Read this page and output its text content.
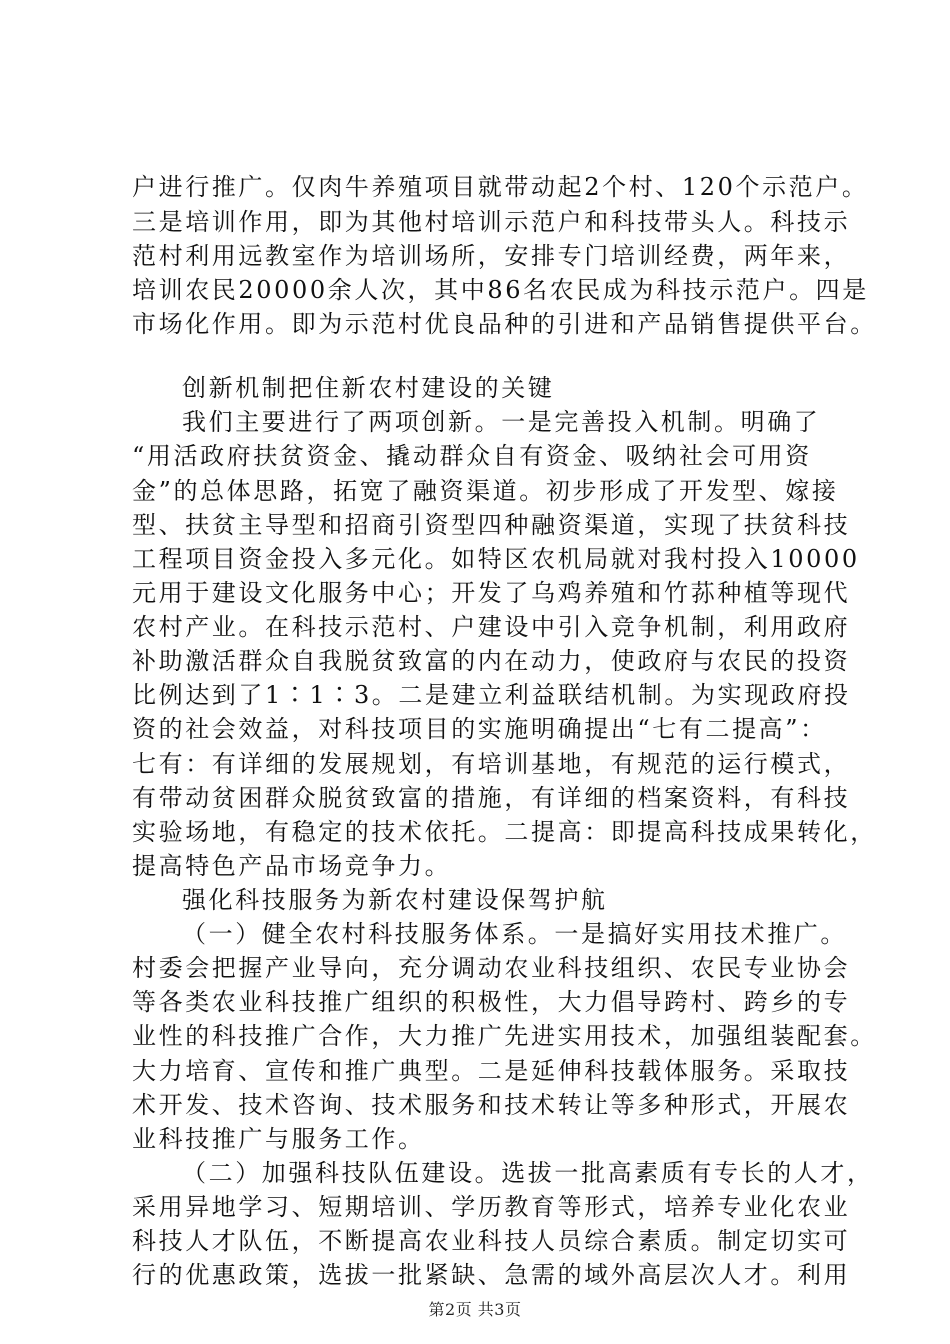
户进行推广。仅肉牛养殖项目就带动起2个村、120个示范户。
三是培训作用，即为其他村培训示范户和科技带头人。科技示
范村利用远教室作为培训场所，安排专门培训经费，两年来，
培训农民20000余人次，其中86名农民成为科技示范户。四是
市场化作用。即为示范村优良品种的引进和产品销售提供平台。
创新机制把住新农村建设的关键
我们主要进行了两项创新。一是完善投入机制。明确了
“用活政府扶贫资金、撬动群众自有资金、吸纳社会可用资
金”的总体思路，拓宽了融资渠道。初步形成了开发型、嫁接
型、扶贫主导型和招商引资型四种融资渠道，实现了扶贫科技
工程项目资金投入多元化。如特区农机局就对我村投入10000
元用于建设文化服务中心；开发了乌鸡养殖和竹荪种植等现代
农村产业。在科技示范村、户建设中引入竞争机制，利用政府
补助激活群众自我脱贫致富的内在动力，使政府与农民的投资
比例达到了1∶1∶3。二是建立利益联结机制。为实现政府投
资的社会效益，对科技项目的实施明确提出“七有二提高”：
七有：有详细的发展规划，有培训基地，有规范的运行模式，
有带动贫困群众脱贫致富的措施，有详细的档案资料，有科技
实验场地，有稳定的技术依托。二提高：即提高科技成果转化，
提高特色产品市场竞争力。
强化科技服务为新农村建设保驾护航
（一）健全农村科技服务体系。一是搞好实用技术推广。
村委会把握产业导向，充分调动农业科技组织、农民专业协会
等各类农业科技推广组织的积极性，大力倡导跨村、跨乡的专
业性的科技推广合作，大力推广先进实用技术，加强组装配套。
大力培育、宣传和推广典型。二是延伸科技载体服务。采取技
术开发、技术咨询、技术服务和技术转让等多种形式，开展农
业科技推广与服务工作。
（二）加强科技队伍建设。选拔一批高素质有专长的人才，
采用异地学习、短期培训、学历教育等形式，培养专业化农业
科技人才队伍，不断提高农业科技人员综合素质。制定切实可
行的优惠政策，选拔一批紧缺、急需的域外高层次人才。利用
第2页 共3页
